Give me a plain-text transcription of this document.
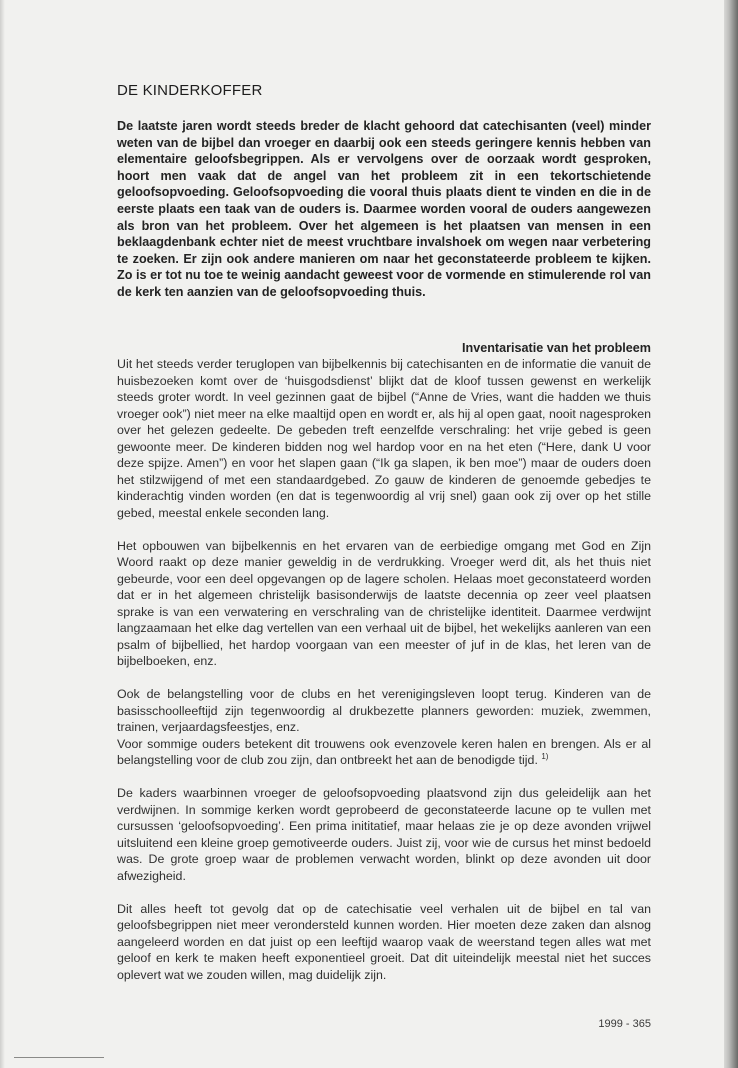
DE KINDERKOFFER

De laatste jaren wordt steeds breder de klacht gehoord dat catechisanten (veel) minder weten van de bijbel dan vroeger en daarbij ook een steeds geringere kennis hebben van elementaire geloofsbegrippen. Als er vervolgens over de oorzaak wordt gesproken, hoort men vaak dat de angel van het probleem zit in een tekortschietende geloofsopvoeding. Geloofsopvoeding die vooral thuis plaats dient te vinden en die in de eerste plaats een taak van de ouders is. Daarmee worden vooral de ouders aangewezen als bron van het probleem. Over het algemeen is het plaatsen van mensen in een beklaagdenbank echter niet de meest vruchtbare invalshoek om wegen naar verbetering te zoeken. Er zijn ook andere manieren om naar het geconstateerde probleem te kijken. Zo is er tot nu toe te weinig aandacht geweest voor de vormende en stimulerende rol van de kerk ten aanzien van de geloofsopvoeding thuis.

Inventarisatie van het probleem

Uit het steeds verder teruglopen van bijbelkennis bij catechisanten en de informatie die vanuit de huisbezoeken komt over de ‘huisgodsdienst’ blijkt dat de kloof tussen gewenst en werkelijk steeds groter wordt. In veel gezinnen gaat de bijbel (“Anne de Vries, want die hadden we thuis vroeger ook”) niet meer na elke maaltijd open en wordt er, als hij al open gaat, nooit nagesproken over het gelezen gedeelte. De gebeden treft eenzelfde verschraling: het vrije gebed is geen gewoonte meer. De kinderen bidden nog wel hardop voor en na het eten (“Here, dank U voor deze spijze. Amen”) en voor het slapen gaan (“Ik ga slapen, ik ben moe”) maar de ouders doen het stilzwijgend of met een standaardgebed. Zo gauw de kinderen de genoemde gebedjes te kinderachtig vinden worden (en dat is tegenwoordig al vrij snel) gaan ook zij over op het stille gebed, meestal enkele seconden lang.

Het opbouwen van bijbelkennis en het ervaren van de eerbiedige omgang met God en Zijn Woord raakt op deze manier geweldig in de verdrukking. Vroeger werd dit, als het thuis niet gebeurde, voor een deel opgevangen op de lagere scholen. Helaas moet geconstateerd worden dat er in het algemeen christelijk basisonderwijs de laatste decennia op zeer veel plaatsen sprake is van een verwatering en verschraling van de christelijke identiteit. Daarmee verdwijnt langzaamaan het elke dag vertellen van een verhaal uit de bijbel, het wekelijks aanleren van een psalm of bijbellied, het hardop voorgaan van een meester of juf in de klas, het leren van de bijbelboeken, enz.

Ook de belangstelling voor de clubs en het verenigingsleven loopt terug. Kinderen van de basisschoolleeftijd zijn tegenwoordig al drukbezette planners geworden: muziek, zwemmen, trainen, verjaardagsfeestjes, enz.

Voor sommige ouders betekent dit trouwens ook evenzovele keren halen en brengen. Als er al belangstelling voor de club zou zijn, dan ontbreekt het aan de benodigde tijd. $^{1)}$

De kaders waarbinnen vroeger de geloofsopvoeding plaatsvond zijn dus geleidelijk aan het verdwijnen. In sommige kerken wordt geprobeerd de geconstateerde lacune op te vullen met cursussen ‘geloofsopvoeding’. Een prima inititatief, maar helaas zie je op deze avonden vrijwel uitsluitend een kleine groep gemotiveerde ouders. Juist zij, voor wie de cursus het minst bedoeld was. De grote groep waar de problemen verwacht worden, blinkt op deze avonden uit door afwezigheid.

Dit alles heeft tot gevolg dat op de catechisatie veel verhalen uit de bijbel en tal van geloofsbegrippen niet meer verondersteld kunnen worden. Hier moeten deze zaken dan alsnog aangeleerd worden en dat juist op een leeftijd waarop vaak de weerstand tegen alles wat met geloof en kerk te maken heeft exponentieel groeit. Dat dit uiteindelijk meestal niet het succes oplevert wat we zouden willen, mag duidelijk zijn.

1999 - 365
